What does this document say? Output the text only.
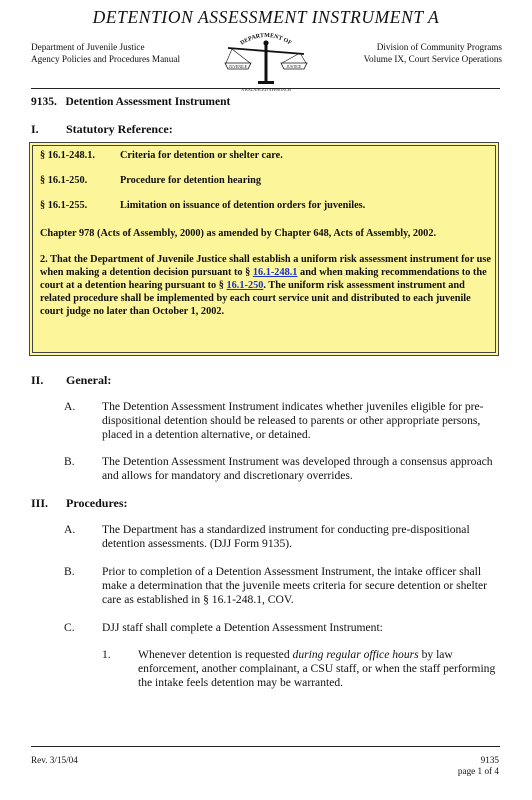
DETENTION ASSESSMENT INSTRUMENT A
Department of Juvenile Justice
Agency Policies and Procedures Manual
DEPARTMENT OF
JUVENILE	JUSTICE
A BALANCED APPROACH
Division of Community Programs
Volume IX, Court Service Operations
9135.   Detention Assessment Instrument
I. Statutory Reference:
§ 16.1-248.1. Criteria for detention or shelter care.
§ 16.1-250.	Procedure for detention hearing
§ 16.1-255.	Limitation on issuance of detention orders for juveniles.
Chapter 978 (Acts of Assembly, 2000) as amended by Chapter 648, Acts of Assembly, 2002.
2. That the Department of Juvenile Justice shall establish a uniform risk assessment instrument for use when making a detention decision pursuant to § 16.1-248.1 and when making recommendations to the court at a detention hearing pursuant to § 16.1-250. The uniform risk assessment instrument and related procedure shall be implemented by each court service unit and distributed to each juvenile court judge no later than October 1, 2002.
II. General:
A. The Detention Assessment Instrument indicates whether juveniles eligible for pre-dispositional detention should be released to parents or other appropriate persons, placed in a detention alternative, or detained.
B. The Detention Assessment Instrument was developed through a consensus approach and allows for mandatory and discretionary overrides.
III. Procedures:
A. The Department has a standardized instrument for conducting pre-dispositional detention assessments. (DJJ Form 9135).
B. Prior to completion of a Detention Assessment Instrument, the intake officer shall make a determination that the juvenile meets criteria for secure detention or shelter care as established in § 16.1-248.1, COV.
C. DJJ staff shall complete a Detention Assessment Instrument:
1. Whenever detention is requested during regular office hours by law enforcement, another complainant, a CSU staff, or when the staff performing the intake feels detention may be warranted.
Rev. 3/15/04	9135
page 1 of 4
